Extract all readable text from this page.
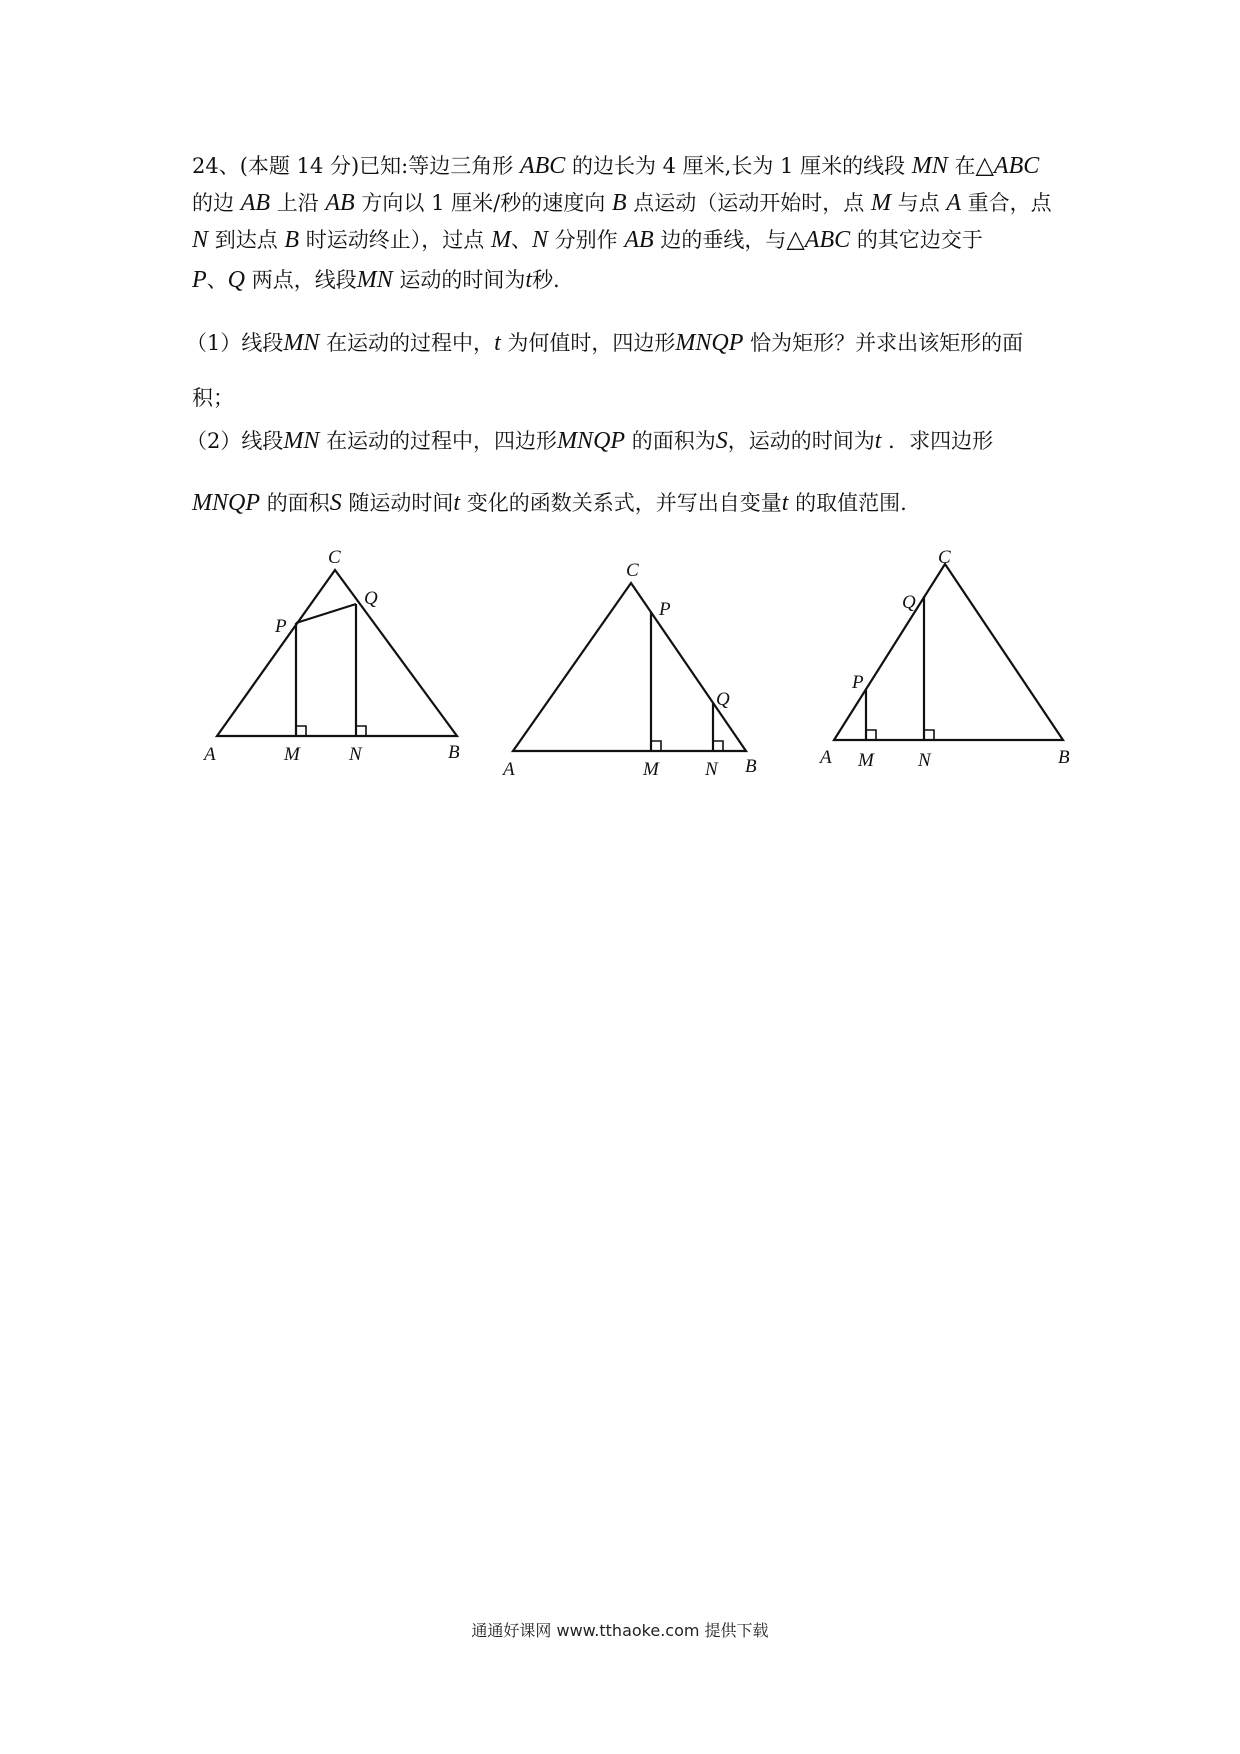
24、(本题 14 分)已知:等边三角形 ABC 的边长为 4 厘米,长为 1 厘米的线段 MN 在△ABC

的边 AB 上沿 AB 方向以 1 厘米/秒的速度向 B 点运动（运动开始时，点 M 与点 A 重合，点

N 到达点 B 时运动终止），过点 M、N 分别作 AB 边的垂线，与△ABC 的其它边交于

P、Q 两点，线段MN 运动的时间为t秒.

（1）线段MN 在运动的过程中，t 为何值时，四边形MNQP 恰为矩形？并求出该矩形的面

积；

（2）线段MN 在运动的过程中，四边形MNQP 的面积为S，运动的时间为t ．求四边形

MNQP 的面积S 随运动时间t 变化的函数关系式，并写出自变量t 的取值范围.

C
Q
P
A	M	N	B
C
P
Q
A	M N B
C
Q
P
A M N	B
通通好课网 www.tthaoke.com 提供下载
